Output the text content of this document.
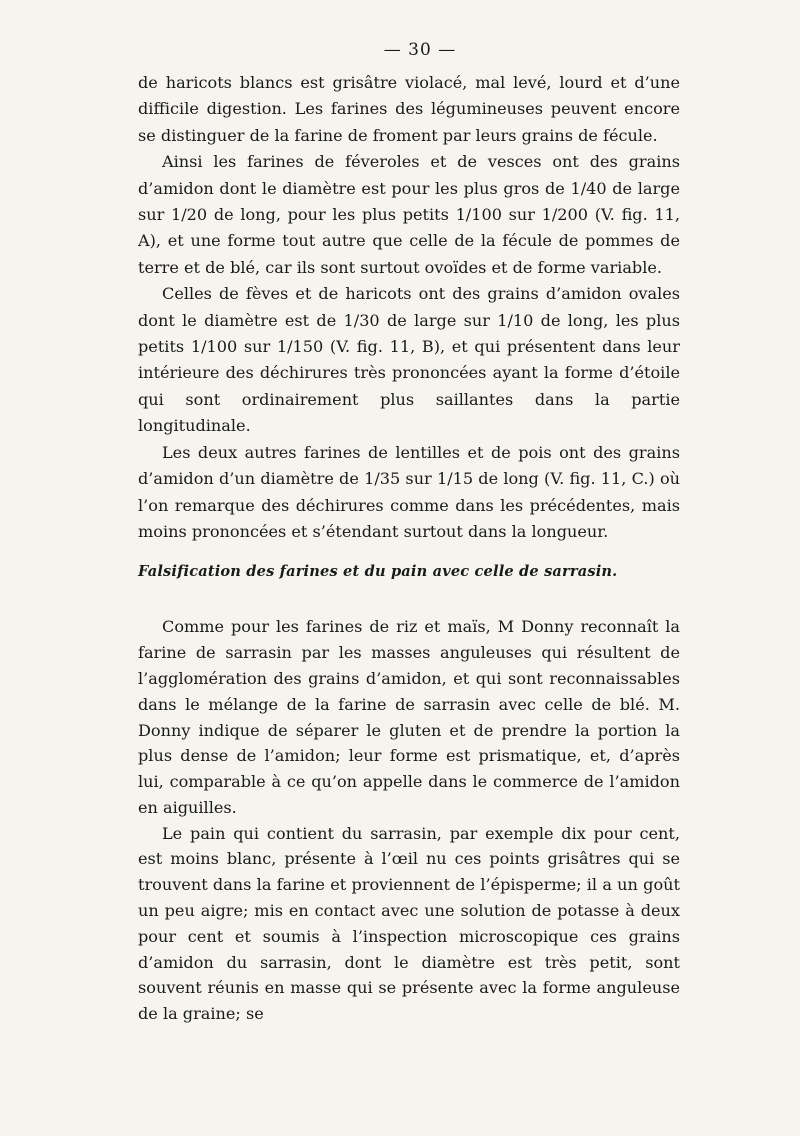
— 30 —

de haricots blancs est grisâtre violacé, mal levé, lourd et d’une difficile digestion. Les farines des légumineuses peuvent encore se distinguer de la farine de froment par leurs grains de fécule.

Ainsi les farines de féveroles et de vesces ont des grains d’amidon dont le diamètre est pour les plus gros de 1/40 de large sur 1/20 de long, pour les plus petits 1/100 sur 1/200 (V. fig. 11, A), et une forme tout autre que celle de la fécule de pommes de terre et de blé, car ils sont surtout ovoïdes et de forme variable.

Celles de fèves et de haricots ont des grains d’amidon ovales dont le diamètre est de 1/30 de large sur 1/10 de long, les plus petits 1/100 sur 1/150 (V. fig. 11, B), et qui présentent dans leur intérieure des déchirures très prononcées ayant la forme d’étoile qui sont ordinairement plus saillantes dans la partie longitudinale.

Les deux autres farines de lentilles et de pois ont des grains d’amidon d’un diamètre de 1/35 sur 1/15 de long (V. fig. 11, C.) où l’on remarque des déchirures comme dans les précédentes, mais moins prononcées et s’étendant surtout dans la longueur.

Falsification des farines et du pain avec celle de sarrasin.

Comme pour les farines de riz et maïs, M Donny reconnaît la farine de sarrasin par les masses anguleuses qui résultent de l’agglomération des grains d’amidon, et qui sont reconnaissables dans le mélange de la farine de sarrasin avec celle de blé. M. Donny indique de séparer le gluten et de prendre la portion la plus dense de l’amidon; leur forme est prismatique, et, d’après lui, comparable à ce qu’on appelle dans le commerce de l’amidon en aiguilles.

Le pain qui contient du sarrasin, par exemple dix pour cent, est moins blanc, présente à l’œil nu ces points grisâtres qui se trouvent dans la farine et proviennent de l’épisperme; il a un goût un peu aigre; mis en contact avec une solution de potasse à deux pour cent et soumis à l’inspection microscopique ces grains d’amidon du sarrasin, dont le diamètre est très petit, sont souvent réunis en masse qui se présente avec la forme anguleuse de la graine; se
